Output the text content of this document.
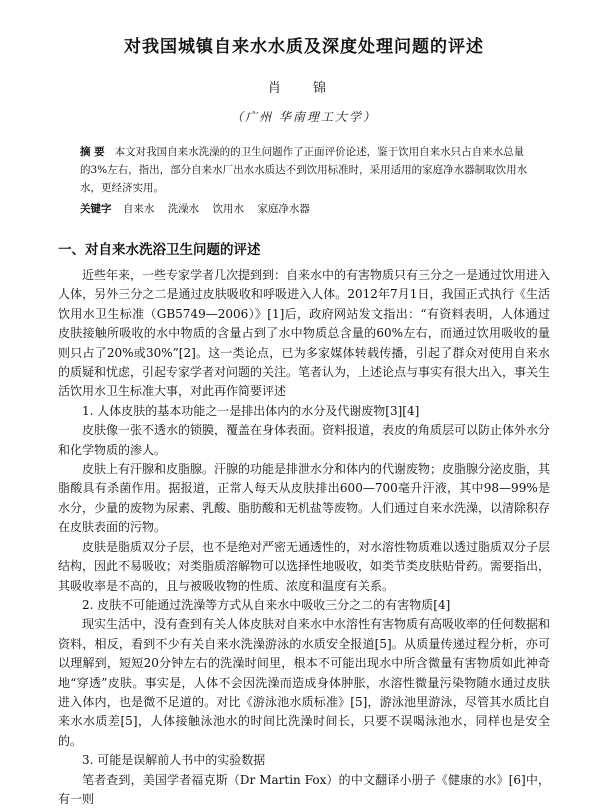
对我国城镇自来水水质及深度处理问题的评述
肖 锦
（广州 华南理工大学）
摘 要 本文对我国自来水洗澡的的卫生问题作了正面评价论述，鉴于饮用自来水只占自来水总量的3%左右，指出，部分自来水厂出水水质达不到饮用标准时，采用适用的家庭净水器制取饮用水水，更经济实用。
关键字 自来水 洗澡水 饮用水 家庭净水器
一、对自来水洗浴卫生问题的评述

近些年来，一些专家学者几次提到到：自来水中的有害物质只有三分之一是通过饮用进入人体，另外三分之二是通过皮肤吸收和呼吸进入人体。2012年7月1日，我国正式执行《生活饮用水卫生标准（GB5749—2006）》[1]后，政府网站发文指出：“有资料表明，人体通过皮肤接触所吸收的水中物质的含量占到了水中物质总含量的60%左右，而通过饮用吸收的量则只占了20%或30%”[2]。这一类论点，已为多家媒体转载传播，引起了群众对使用自来水的质疑和忧虑，引起专家学者对问题的关注。笔者认为，上述论点与事实有很大出入，事关生活饮用水卫生标准大事，对此再作简要评述

1. 人体皮肤的基本功能之一是排出体内的水分及代谢废物[3][4]

皮肤像一张不透水的锁膜，覆盖在身体表面。资料报道，表皮的角质层可以防止体外水分和化学物质的渗人。

皮肤上有汗腺和皮脂腺。汗腺的功能是排泄水分和体内的代谢废物；皮脂腺分泌皮脂，其脂酸具有杀菌作用。据报道，正常人每天从皮肤排出600—700毫升汗液，其中98—99%是水分，少量的废物为尿素、乳酸、脂肪酸和无机盐等废物。人们通过自来水洗澡，以清除积存在皮肤表面的污物。

皮肤是脂质双分子层，也不是绝对严密无通透性的，对水溶性物质难以透过脂质双分子层结构，因此不易吸收；对类脂质溶解物可以选择性地吸收，如类节类皮肤贴骨药。需要指出，其吸收率是不高的，且与被吸收物的性质、浓度和温度有关系。

2. 皮肤不可能通过洗澡等方式从自来水中吸收三分之二的有害物质[4]

现实生活中，没有查到有关人体皮肤对自来水中水溶性有害物质有高吸收率的任何数据和资料，相反，看到不少有关自来水洗澡游泳的水质安全报道[5]。从质量传递过程分析，亦可以理解到，短短20分钟左右的洗澡时间里，根本不可能出现水中所含微量有害物质如此神奇地“穿透”皮肤。事实是，人体不会因洗澡而造成身体肿胀，水溶性微量污染物随水通过皮肤进入体内，也是微不足道的。对比《游泳池水质标准》[5]，游泳池里游泳，尽管其水质比自来水水质差[5]，人体接触泳池水的时间比洗澡时间长，只要不误喝泳池水，同样也是安全的。

3. 可能是误解前人书中的实验数据

笔者查到，美国学者福克斯（Dr Martin Fox）的中文翻译小册子《健康的水》[6]中，有一则
